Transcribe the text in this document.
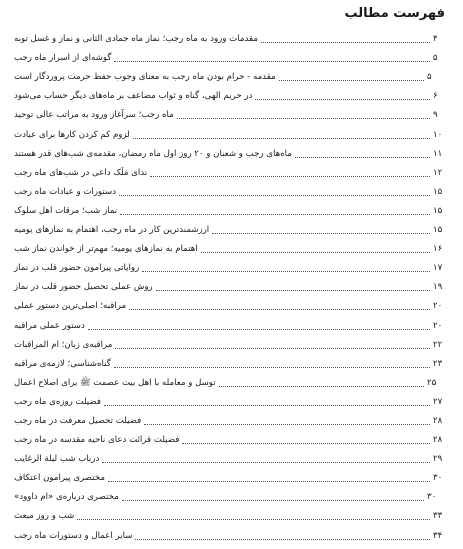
فهرست مطالب
مقدمات ورود به ماه رجب؛ نماز ماه جمادی الثانی و نماز و غسل توبه	۴
گوشه‌ای از اسرار ماه رجب	۵
مقدمه - حرام بودن ماه رجب به معنای وجوب حفظ حرمت پروردگار است	۵
در حریم الهی، گناه و ثواب مضاعف بر ماه‌های دیگر حساب می‌شود	۶
ماه رجب؛ سرآغاز ورود به مراتب عالی توحید	۹
لزوم کم کردن کارها برای عبادت	۱۰
ماه‌های رجب و شعبان و ۲۰ روز اول ماه رمضان، مقدمه‌ی شب‌های قدر هستند	۱۱
ندای مَلَک داعی در شب‌های ماه رجب	۱۲
دستورات و عبادات ماه رجب	۱۵
نماز شب؛ مرقات اهل سلوک	۱۵
ارزشمندترین کار در ماه رجب، اهتمام به نمازهای یومیه	۱۵
اهتمام به نمازهای یومیه؛ مهم‌تر از خواندن نماز شب	۱۶
روایاتی پیرامون حضور قلب در نماز	۱۷
روش عملی تحصیل حضور قلب در نماز	۱۹
مراقبه؛ اصلی‌ترین دستور عملی	۲۰
دستور عملی مراقبه	۲۰
مراقبه‌ی زبان؛ ام المراقبات	۲۲
گناه‌شناسی؛ لازمه‌ی مراقبه	۲۳
توسل و معامله با اهل بیت عصمت ﷺ برای اصلاح اعمال	۲۵
فضیلت روزه‌ی ماه رجب	۲۷
فضیلت تحصیل معرفت در ماه رجب	۲۸
فضیلت قرائت دعای ناحیه مقدسه در ماه رجب	۲۸
درباب شب لیلة الرغایب	۲۹
مختصری پیرامون اعتکاف	۳۰
مختصری درباره‌ی «ام داوود»	۳۰
شب و روز مبعث	۳۳
سایر اعمال و دستورات ماه رجب	۳۴
